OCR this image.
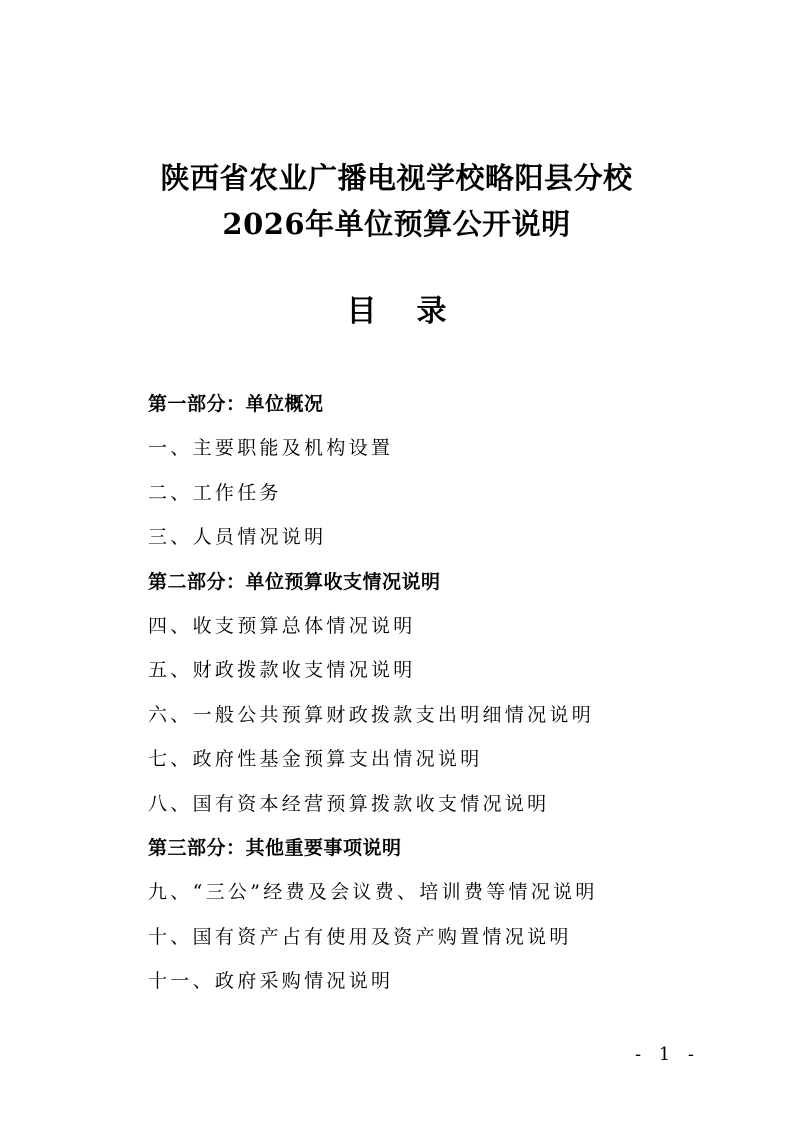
陕西省农业广播电视学校略阳县分校
2026年单位预算公开说明
目 录
第一部分：单位概况
一、主要职能及机构设置
二、工作任务
三、人员情况说明
第二部分：单位预算收支情况说明
四、收支预算总体情况说明
五、财政拨款收支情况说明
六、一般公共预算财政拨款支出明细情况说明
七、政府性基金预算支出情况说明
八、国有资本经营预算拨款收支情况说明
第三部分：其他重要事项说明
九、“三公”经费及会议费、培训费等情况说明
十、国有资产占有使用及资产购置情况说明
十一、政府采购情况说明
- 1 -
